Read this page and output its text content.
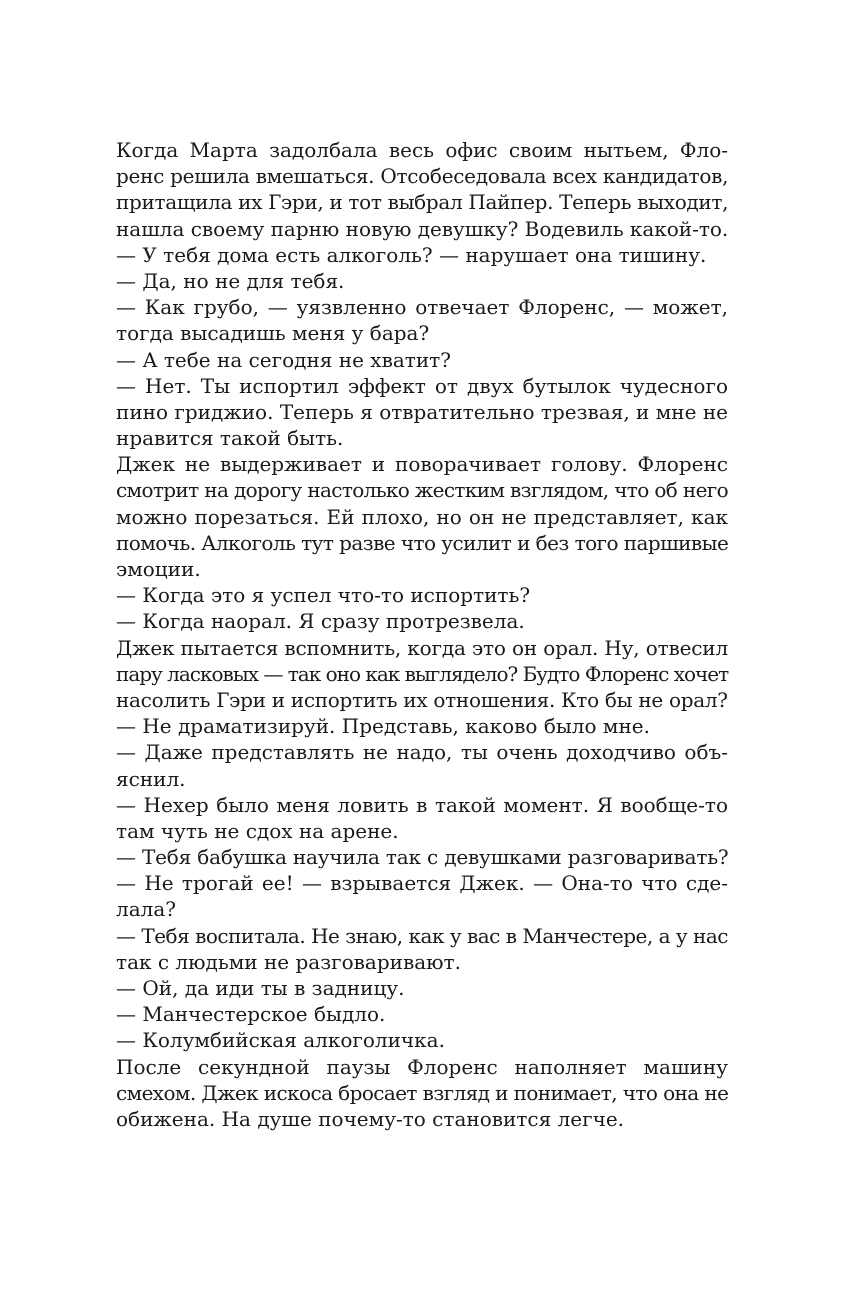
Когда Марта задолбала весь офис своим нытьем, Фло-
ренс решила вмешаться. Отсобеседовала всех кандидатов,
притащила их Гэри, и тот выбрал Пайпер. Теперь выходит,
нашла своему парню новую девушку? Водевиль какой-то.
— У тебя дома есть алкоголь? — нарушает она тишину.
— Да, но не для тебя.
— Как грубо, — уязвленно отвечает Флоренс, — может,
тогда высадишь меня у бара?
— А тебе на сегодня не хватит?
— Нет. Ты испортил эффект от двух бутылок чудесного
пино гриджио. Теперь я отвратительно трезвая, и мне не
нравится такой быть.
Джек не выдерживает и поворачивает голову. Флоренс
смотрит на дорогу настолько жестким взглядом, что об него
можно порезаться. Ей плохо, но он не представляет, как
помочь. Алкоголь тут разве что усилит и без того паршивые
эмоции.
— Когда это я успел что-то испортить?
— Когда наорал. Я сразу протрезвела.
Джек пытается вспомнить, когда это он орал. Ну, отвесил
пару ласковых — так оно как выглядело? Будто Флоренс хочет
насолить Гэри и испортить их отношения. Кто бы не орал?
— Не драматизируй. Представь, каково было мне.
— Даже представлять не надо, ты очень доходчиво объ-
яснил.
— Нехер было меня ловить в такой момент. Я вообще-то
там чуть не сдох на арене.
— Тебя бабушка научила так с девушками разговаривать?
— Не трогай ее! — взрывается Джек. — Она-то что сде-
лала?
— Тебя воспитала. Не знаю, как у вас в Манчестере, а у нас
так с людьми не разговаривают.
— Ой, да иди ты в задницу.
— Манчестерское быдло.
— Колумбийская алкоголичка.
После секундной паузы Флоренс наполняет машину
смехом. Джек искоса бросает взгляд и понимает, что она не
обижена. На душе почему-то становится легче.
